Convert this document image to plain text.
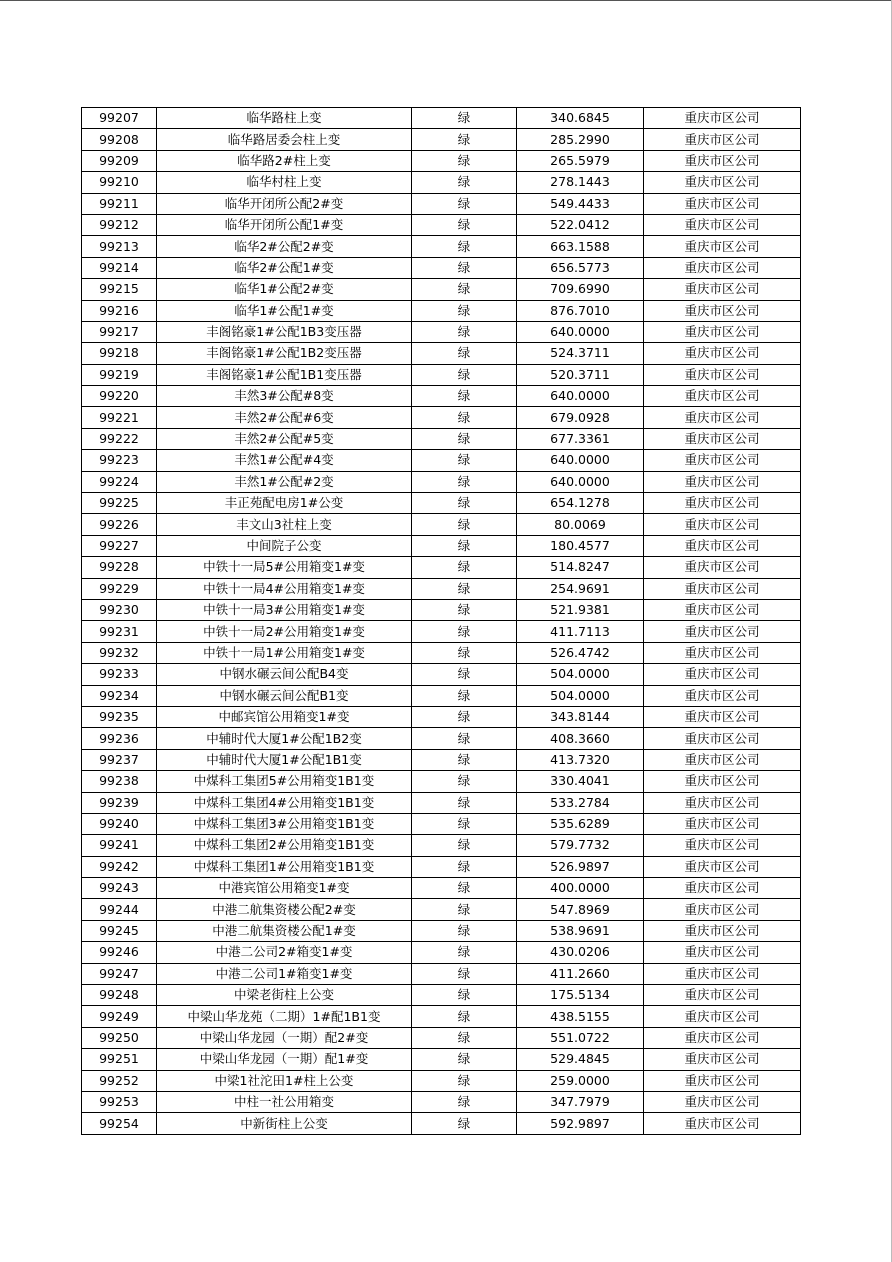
99207	临华路柱上变	绿	340.6845	重庆市区公司
99208	临华路居委会柱上变	绿	285.2990	重庆市区公司
99209	临华路2#柱上变	绿	265.5979	重庆市区公司
99210	临华村柱上变	绿	278.1443	重庆市区公司
99211	临华开闭所公配2#变	绿	549.4433	重庆市区公司
99212	临华开闭所公配1#变	绿	522.0412	重庆市区公司
99213	临华2#公配2#变	绿	663.1588	重庆市区公司
99214	临华2#公配1#变	绿	656.5773	重庆市区公司
99215	临华1#公配2#变	绿	709.6990	重庆市区公司
99216	临华1#公配1#变	绿	876.7010	重庆市区公司
99217	丰阁铭豪1#公配1B3变压器	绿	640.0000	重庆市区公司
99218	丰阁铭豪1#公配1B2变压器	绿	524.3711	重庆市区公司
99219	丰阁铭豪1#公配1B1变压器	绿	520.3711	重庆市区公司
99220	丰然3#公配#8变	绿	640.0000	重庆市区公司
99221	丰然2#公配#6变	绿	679.0928	重庆市区公司
99222	丰然2#公配#5变	绿	677.3361	重庆市区公司
99223	丰然1#公配#4变	绿	640.0000	重庆市区公司
99224	丰然1#公配#2变	绿	640.0000	重庆市区公司
99225	丰正苑配电房1#公变	绿	654.1278	重庆市区公司
99226	丰文山3社柱上变	绿	80.0069	重庆市区公司
99227	中间院子公变	绿	180.4577	重庆市区公司
99228	中铁十一局5#公用箱变1#变	绿	514.8247	重庆市区公司
99229	中铁十一局4#公用箱变1#变	绿	254.9691	重庆市区公司
99230	中铁十一局3#公用箱变1#变	绿	521.9381	重庆市区公司
99231	中铁十一局2#公用箱变1#变	绿	411.7113	重庆市区公司
99232	中铁十一局1#公用箱变1#变	绿	526.4742	重庆市区公司
99233	中钢水碾云间公配B4变	绿	504.0000	重庆市区公司
99234	中钢水碾云间公配B1变	绿	504.0000	重庆市区公司
99235	中邮宾馆公用箱变1#变	绿	343.8144	重庆市区公司
99236	中辅时代大厦1#公配1B2变	绿	408.3660	重庆市区公司
99237	中辅时代大厦1#公配1B1变	绿	413.7320	重庆市区公司
99238	中煤科工集团5#公用箱变1B1变	绿	330.4041	重庆市区公司
99239	中煤科工集团4#公用箱变1B1变	绿	533.2784	重庆市区公司
99240	中煤科工集团3#公用箱变1B1变	绿	535.6289	重庆市区公司
99241	中煤科工集团2#公用箱变1B1变	绿	579.7732	重庆市区公司
99242	中煤科工集团1#公用箱变1B1变	绿	526.9897	重庆市区公司
99243	中港宾馆公用箱变1#变	绿	400.0000	重庆市区公司
99244	中港二航集资楼公配2#变	绿	547.8969	重庆市区公司
99245	中港二航集资楼公配1#变	绿	538.9691	重庆市区公司
99246	中港二公司2#箱变1#变	绿	430.0206	重庆市区公司
99247	中港二公司1#箱变1#变	绿	411.2660	重庆市区公司
99248	中梁老街柱上公变	绿	175.5134	重庆市区公司
99249	中梁山华龙苑（二期）1#配1B1变	绿	438.5155	重庆市区公司
99250	中梁山华龙园（一期）配2#变	绿	551.0722	重庆市区公司
99251	中梁山华龙园（一期）配1#变	绿	529.4845	重庆市区公司
99252	中梁1社沱田1#柱上公变	绿	259.0000	重庆市区公司
99253	中柱一社公用箱变	绿	347.7979	重庆市区公司
99254	中新街柱上公变	绿	592.9897	重庆市区公司
